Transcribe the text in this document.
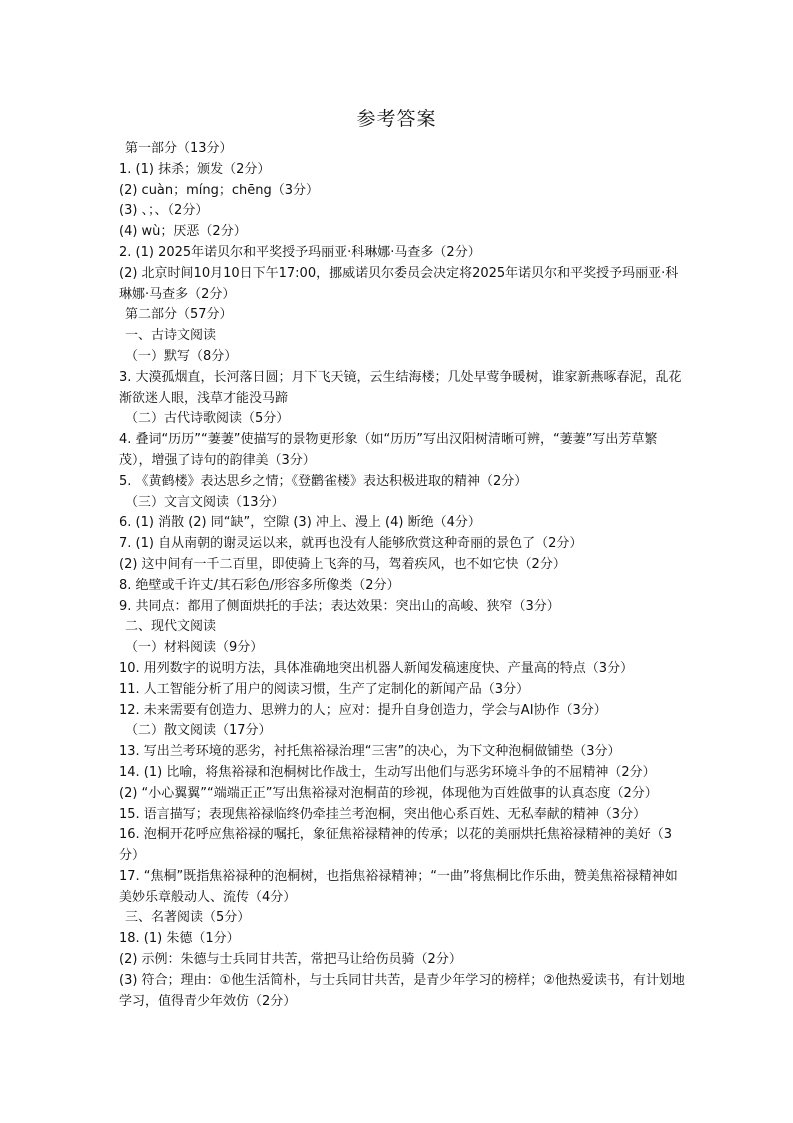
参考答案
第一部分（13分）
1. (1) 抹杀；颁发（2分）
(2) cuàn；míng；chēng（3分）
(3) 、；、（2分）
(4) wù；厌恶（2分）
2. (1) 2025年诺贝尔和平奖授予玛丽亚·科琳娜·马查多（2分）
(2) 北京时间10月10日下午17:00，挪威诺贝尔委员会决定将2025年诺贝尔和平奖授予玛丽亚·科琳娜·马查多（2分）
第二部分（57分）
一、古诗文阅读
（一）默写（8分）
3. 大漠孤烟直，长河落日圆；月下飞天镜，云生结海楼；几处早莺争暖树，谁家新燕啄春泥，乱花渐欲迷人眼，浅草才能没马蹄
（二）古代诗歌阅读（5分）
4. 叠词“历历”“萋萋”使描写的景物更形象（如“历历”写出汉阳树清晰可辨，“萋萋”写出芳草繁茂），增强了诗句的韵律美（3分）
5. 《黄鹤楼》表达思乡之情；《登鹳雀楼》表达积极进取的精神（2分）
（三）文言文阅读（13分）
6. (1) 消散 (2) 同“缺”，空隙 (3) 冲上、漫上 (4) 断绝（4分）
7. (1) 自从南朝的谢灵运以来，就再也没有人能够欣赏这种奇丽的景色了（2分）
(2) 这中间有一千二百里，即使骑上飞奔的马，驾着疾风，也不如它快（2分）
8. 绝壁或千许丈/其石彩色/形容多所像类（2分）
9. 共同点：都用了侧面烘托的手法；表达效果：突出山的高峻、狭窄（3分）
二、现代文阅读
（一）材料阅读（9分）
10. 用列数字的说明方法，具体准确地突出机器人新闻发稿速度快、产量高的特点（3分）
11. 人工智能分析了用户的阅读习惯，生产了定制化的新闻产品（3分）
12. 未来需要有创造力、思辨力的人；应对：提升自身创造力，学会与AI协作（3分）
（二）散文阅读（17分）
13. 写出兰考环境的恶劣，衬托焦裕禄治理“三害”的决心，为下文种泡桐做铺垫（3分）
14. (1) 比喻，将焦裕禄和泡桐树比作战士，生动写出他们与恶劣环境斗争的不屈精神（2分）
(2) “小心翼翼”“端端正正”写出焦裕禄对泡桐苗的珍视，体现他为百姓做事的认真态度（2分）
15. 语言描写；表现焦裕禄临终仍牵挂兰考泡桐，突出他心系百姓、无私奉献的精神（3分）
16. 泡桐开花呼应焦裕禄的嘱托，象征焦裕禄精神的传承；以花的美丽烘托焦裕禄精神的美好（3分）
17. “焦桐”既指焦裕禄种的泡桐树，也指焦裕禄精神；“一曲”将焦桐比作乐曲，赞美焦裕禄精神如美妙乐章般动人、流传（4分）
三、名著阅读（5分）
18. (1) 朱德（1分）
(2) 示例：朱德与士兵同甘共苦，常把马让给伤员骑（2分）
(3) 符合；理由：①他生活简朴，与士兵同甘共苦，是青少年学习的榜样；②他热爱读书，有计划地学习，值得青少年效仿（2分）
